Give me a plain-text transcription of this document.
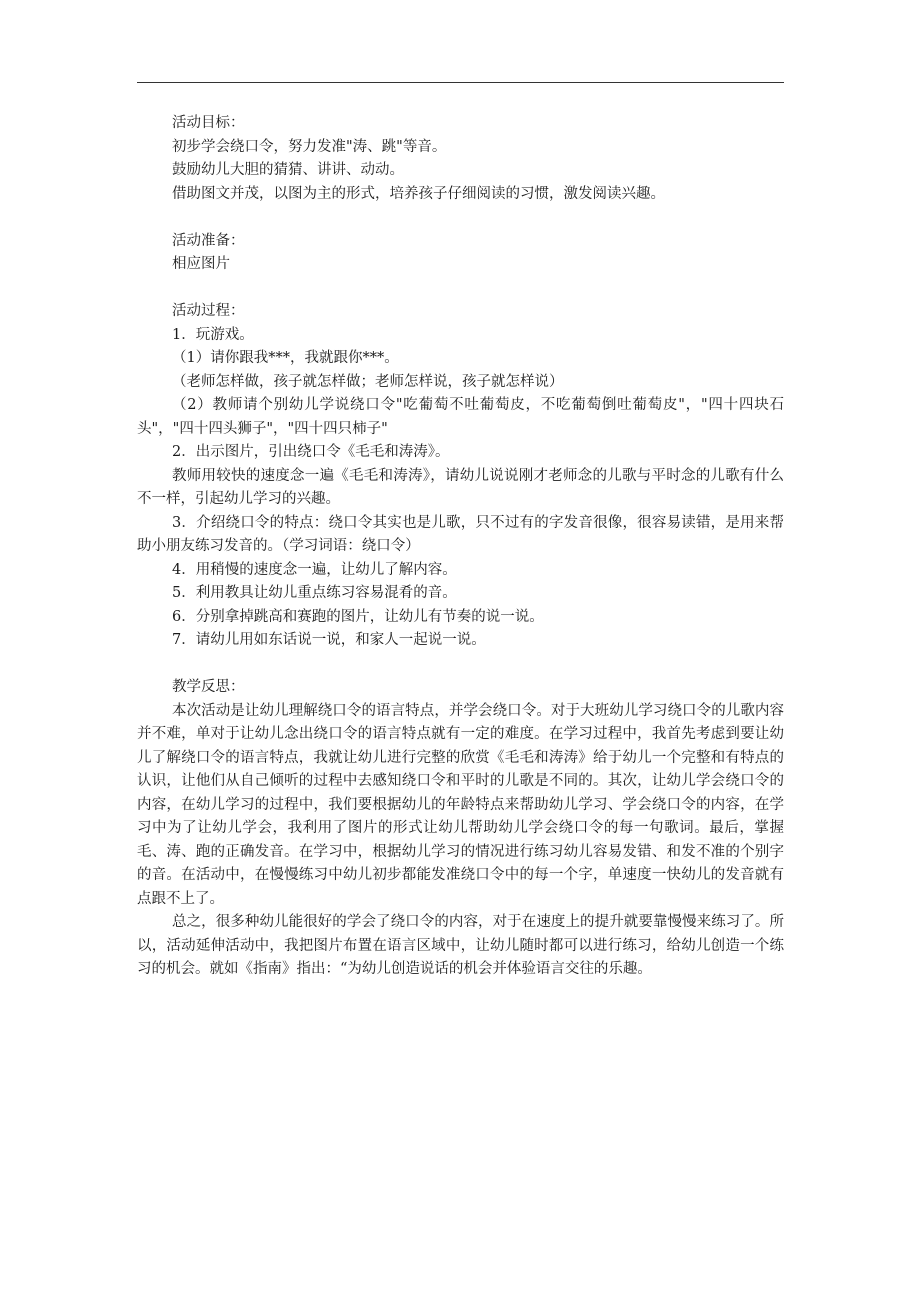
活动目标：

初步学会绕口令，努力发准"涛、跳"等音。

鼓励幼儿大胆的猜猜、讲讲、动动。

借助图文并茂，以图为主的形式，培养孩子仔细阅读的习惯，激发阅读兴趣。

活动准备：

相应图片

活动过程：

1．玩游戏。

（1）请你跟我***，我就跟你***。

（老师怎样做，孩子就怎样做；老师怎样说，孩子就怎样说）

（2）教师请个别幼儿学说绕口令"吃葡萄不吐葡萄皮，不吃葡萄倒吐葡萄皮"，"四十四块石头"，"四十四头狮子"，"四十四只柿子"

2．出示图片，引出绕口令《毛毛和涛涛》。

教师用较快的速度念一遍《毛毛和涛涛》，请幼儿说说刚才老师念的儿歌与平时念的儿歌有什么不一样，引起幼儿学习的兴趣。

3．介绍绕口令的特点：绕口令其实也是儿歌，只不过有的字发音很像，很容易读错，是用来帮助小朋友练习发音的。（学习词语：绕口令）

4．用稍慢的速度念一遍，让幼儿了解内容。

5．利用教具让幼儿重点练习容易混肴的音。

6．分别拿掉跳高和赛跑的图片，让幼儿有节奏的说一说。

7．请幼儿用如东话说一说，和家人一起说一说。

教学反思：

本次活动是让幼儿理解绕口令的语言特点，并学会绕口令。对于大班幼儿学习绕口令的儿歌内容并不难，单对于让幼儿念出绕口令的语言特点就有一定的难度。在学习过程中，我首先考虑到要让幼儿了解绕口令的语言特点，我就让幼儿进行完整的欣赏《毛毛和涛涛》给于幼儿一个完整和有特点的认识，让他们从自己倾听的过程中去感知绕口令和平时的儿歌是不同的。其次，让幼儿学会绕口令的内容，在幼儿学习的过程中，我们要根据幼儿的年龄特点来帮助幼儿学习、学会绕口令的内容，在学习中为了让幼儿学会，我利用了图片的形式让幼儿帮助幼儿学会绕口令的每一句歌词。最后，掌握毛、涛、跑的正确发音。在学习中，根据幼儿学习的情况进行练习幼儿容易发错、和发不准的个别字的音。在活动中，在慢慢练习中幼儿初步都能发准绕口令中的每一个字，单速度一快幼儿的发音就有点跟不上了。

总之，很多种幼儿能很好的学会了绕口令的内容，对于在速度上的提升就要靠慢慢来练习了。所以，活动延伸活动中，我把图片布置在语言区域中，让幼儿随时都可以进行练习，给幼儿创造一个练习的机会。就如《指南》指出：“为幼儿创造说话的机会并体验语言交往的乐趣。
